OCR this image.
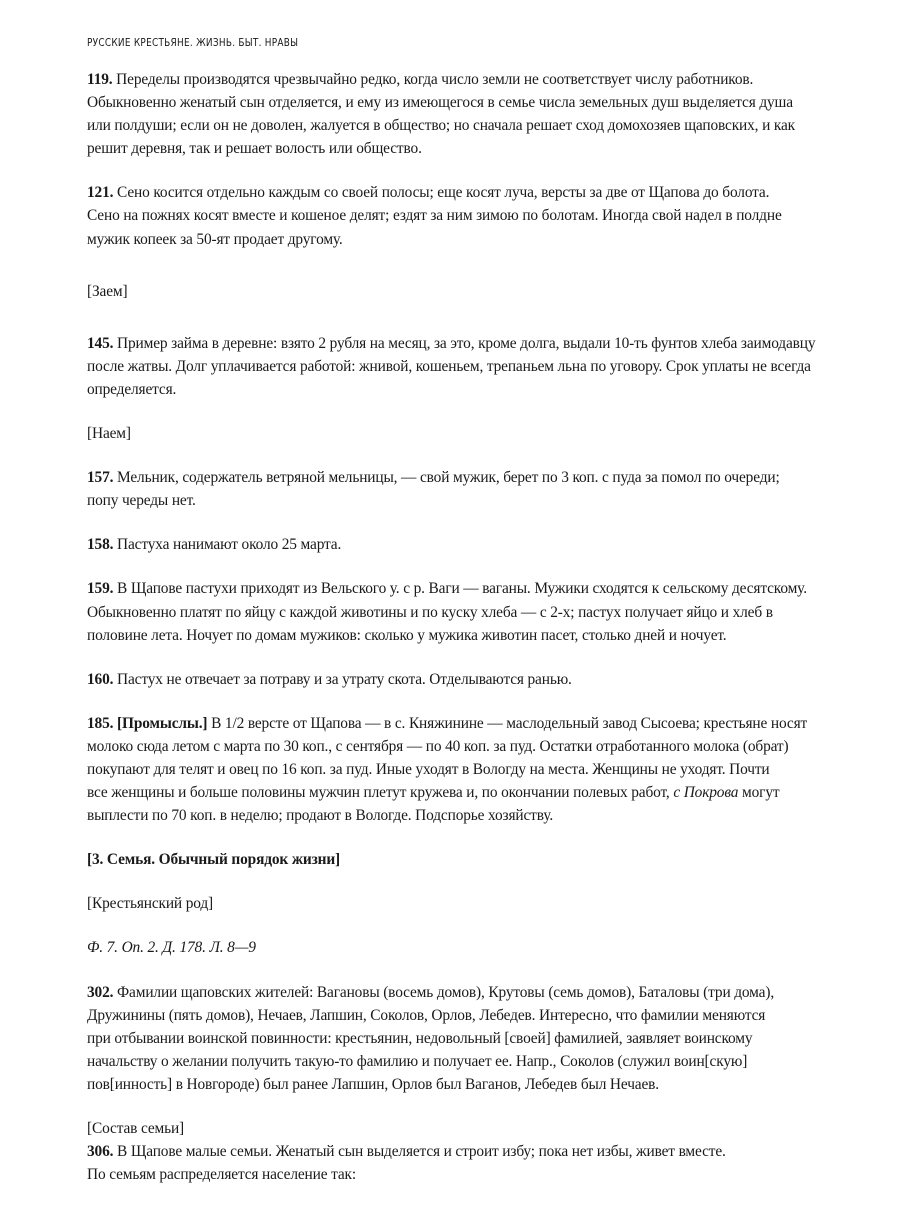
РУССКИЕ КРЕСТЬЯНЕ. ЖИЗНЬ. БЫТ. НРАВЫ
119. Переделы производятся чрезвычайно редко, когда число земли не соответствует числу работников.
Обыкновенно женатый сын отделяется, и ему из имеющегося в семье числа земельных душ выделяется душа
или полдуши; если он не доволен, жалуется в общество; но сначала решает сход домохозяев щаповских, и как
решит деревня, так и решает волость или общество.
121. Сено косится отдельно каждым со своей полосы; еще косят луча, версты за две от Щапова до болота.
Сено на пожнях косят вместе и кошеное делят; ездят за ним зимою по болотам. Иногда свой надел в полдне
мужик копеек за 50-ят продает другому.
[Заем]
145. Пример займа в деревне: взято 2 рубля на месяц, за это, кроме долга, выдали 10-ть фунтов хлеба заимодавцу
после жатвы. Долг уплачивается работой: жнивой, кошеньем, трепаньем льна по уговору. Срок уплаты не всегда
определяется.
[Наем]
157. Мельник, содержатель ветряной мельницы, — свой мужик, берет по 3 коп. с пуда за помол по очереди;
попу череды нет.
158. Пастуха нанимают около 25 марта.
159. В Щапове пастухи приходят из Вельского у. с р. Ваги — ваганы. Мужики сходятся к сельскому десятскому.
Обыкновенно платят по яйцу с каждой животины и по куску хлеба — с 2-х; пастух получает яйцо и хлеб в
половине лета. Ночует по домам мужиков: сколько у мужика животин пасет, столько дней и ночует.
160. Пастух не отвечает за потраву и за утрату скота. Отделываются ранью.
185. [Промыслы.] В 1/2 версте от Щапова — в с. Княжинине — маслодельный завод Сысоева; крестьяне носят
молоко сюда летом с марта по 30 коп., с сентября — по 40 коп. за пуд. Остатки отработанного молока (обрат)
покупают для телят и овец по 16 коп. за пуд. Иные уходят в Вологду на места. Женщины не уходят. Почти
все женщины и больше половины мужчин плетут кружева и, по окончании полевых работ, с Покрова могут
выплести по 70 коп. в неделю; продают в Вологде. Подспорье хозяйству.
[3. Семья. Обычный порядок жизни]
[Крестьянский род]
Ф. 7. Оп. 2. Д. 178. Л. 8—9
302. Фамилии щаповских жителей: Вагановы (восемь домов), Крутовы (семь домов), Баталовы (три дома),
Дружинины (пять домов), Нечаев, Лапшин, Соколов, Орлов, Лебедев. Интересно, что фамилии меняются
при отбывании воинской повинности: крестьянин, недовольный [своей] фамилией, заявляет воинскому
начальству о желании получить такую-то фамилию и получает ее. Напр., Соколов (служил воин[скую]
пов[инность] в Новгороде) был ранее Лапшин, Орлов был Ваганов, Лебедев был Нечаев.
[Состав семьи]
306. В Щапове малые семьи. Женатый сын выделяется и строит избу; пока нет избы, живет вместе.
По семьям распределяется население так:
